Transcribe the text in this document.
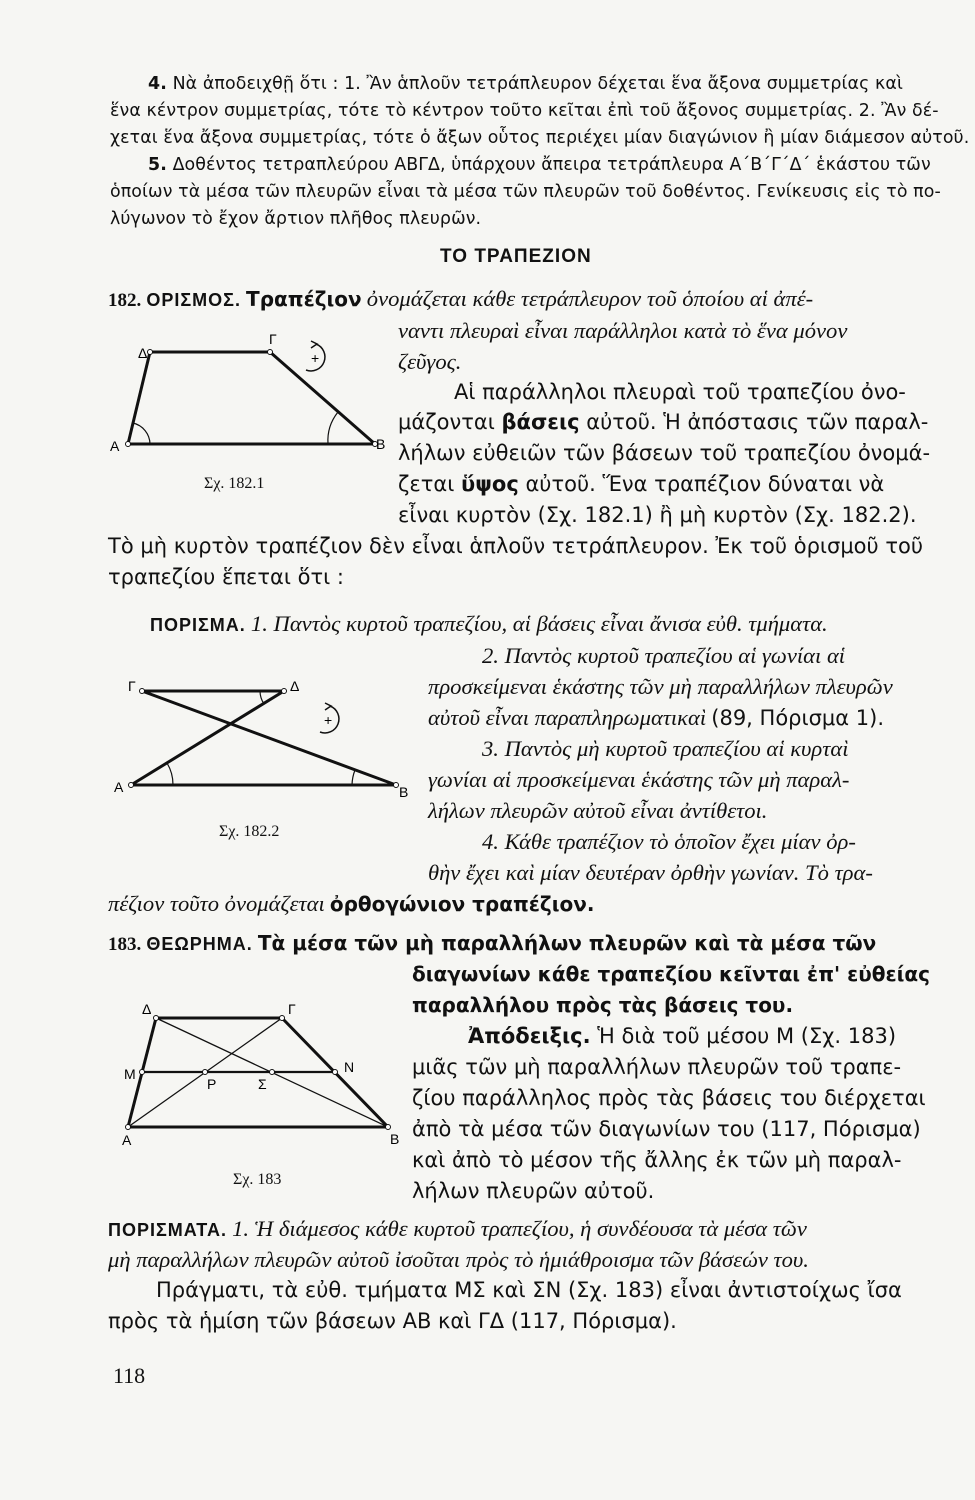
4. Νὰ ἀποδειχθῇ ὅτι : 1. Ἂν ἁπλοῦν τετράπλευρον δέχεται ἕνα ἄξονα συμμετρίας καὶ
ἕνα κέντρον συμμετρίας, τότε τὸ κέντρον τοῦτο κεῖται ἐπὶ τοῦ ἄξονος συμμετρίας. 2. Ἂν δέ-
χεται ἕνα ἄξονα συμμετρίας, τότε ὁ ἄξων οὗτος περιέχει μίαν διαγώνιον ἢ μίαν διάμεσον αὐτοῦ.
5. Δοθέντος τετραπλεύρου ΑΒΓΔ, ὑπάρχουν ἄπειρα τετράπλευρα Α΄Β΄Γ΄Δ΄ ἑκάστου τῶν
ὁποίων τὰ μέσα τῶν πλευρῶν εἶναι τὰ μέσα τῶν πλευρῶν τοῦ δοθέντος. Γενίκευσις εἰς τὸ πο-
λύγωνον τὸ ἔχον ἄρτιον πλῆθος πλευρῶν.
ΤΟ ΤΡΑΠΕΖΙΟΝ
182. ΟΡΙΣΜΟΣ. Τραπέζιον ὀνομάζεται κάθε τετράπλευρον τοῦ ὁποίου αἱ ἀπέ-
ναντι πλευραὶ εἶναι παράλληλοι κατὰ τὸ ἕνα μόνον
ζεῦγος.
Αἱ παράλληλοι πλευραὶ τοῦ τραπεζίου ὀνο-
μάζονται βάσεις αὐτοῦ. Ἡ ἀπόστασις τῶν παραλ-
λήλων εὐθειῶν τῶν βάσεων τοῦ τραπεζίου ὀνομά-
ζεται ὕψος αὐτοῦ. Ἕνα τραπέζιον δύναται νὰ
εἶναι κυρτὸν (Σχ. 182.1) ἢ μὴ κυρτὸν (Σχ. 182.2).
Τὸ μὴ κυρτὸν τραπέζιον δὲν εἶναι ἁπλοῦν τετράπλευρον. Ἐκ τοῦ ὁρισμοῦ τοῦ
τραπεζίου ἕπεται ὅτι :
Α	Β
Γ
Δ	+
Σχ. 182.1
ΠΟΡΙΣΜΑ. 1. Παντὸς κυρτοῦ τραπεζίου, αἱ βάσεις εἶναι ἄνισα εὐθ. τμήματα.
2. Παντὸς κυρτοῦ τραπεζίου αἱ γωνίαι αἱ
προσκείμεναι ἑκάστης τῶν μὴ παραλλήλων πλευρῶν
αὐτοῦ εἶναι παραπληρωματικαὶ (89, Πόρισμα 1).
3. Παντὸς μὴ κυρτοῦ τραπεζίου αἱ κυρταὶ
γωνίαι αἱ προσκείμεναι ἑκάστης τῶν μὴ παραλ-
λήλων πλευρῶν αὐτοῦ εἶναι ἀντίθετοι.
4. Κάθε τραπέζιον τὸ ὁποῖον ἔχει μίαν ὀρ-
θὴν ἔχει καὶ μίαν δευτέραν ὀρθὴν γωνίαν. Τὸ τρα-
πέζιον τοῦτο ὀνομάζεται ὀρθογώνιον τραπέζιον.
Α	Β
Γ	Δ
+
Σχ. 182.2
183. ΘΕΩΡΗΜΑ. Τὰ μέσα τῶν μὴ παραλλήλων πλευρῶν καὶ τὰ μέσα τῶν
διαγωνίων κάθε τραπεζίου κεῖνται ἐπ' εὐθείας
παραλλήλου πρὸς τὰς βάσεις του.
Ἀπόδειξις. Ἡ διὰ τοῦ μέσου Μ (Σχ. 183)
μιᾶς τῶν μὴ παραλλήλων πλευρῶν τοῦ τραπε-
ζίου παράλληλος πρὸς τὰς βάσεις του διέρχεται
ἀπὸ τὰ μέσα τῶν διαγωνίων του (117, Πόρισμα)
καὶ ἀπὸ τὸ μέσον τῆς ἄλλης ἐκ τῶν μὴ παραλ-
λήλων πλευρῶν αὐτοῦ.
Α	Β
Γ
Δ
Μ	Ν
Ρ	Σ
Σχ. 183
ΠΟΡΙΣΜΑΤΑ. 1. Ἡ διάμεσος κάθε κυρτοῦ τραπεζίου, ἡ συνδέουσα τὰ μέσα τῶν
μὴ παραλλήλων πλευρῶν αὐτοῦ ἰσοῦται πρὸς τὸ ἡμιάθροισμα τῶν βάσεών του.
Πράγματι, τὰ εὐθ. τμήματα ΜΣ καὶ ΣΝ (Σχ. 183) εἶναι ἀντιστοίχως ἴσα
πρὸς τὰ ἡμίση τῶν βάσεων ΑΒ καὶ ΓΔ (117, Πόρισμα).
118
